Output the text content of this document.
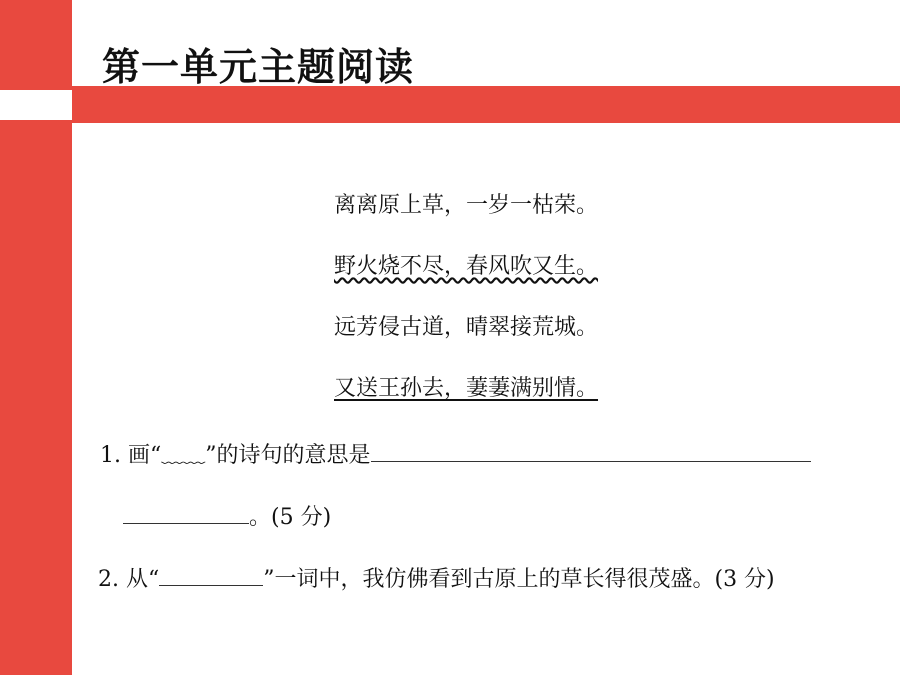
第一单元主题阅读
离离原上草，一岁一枯荣。
野火烧不尽，春风吹又生。
远芳侵古道，晴翠接荒城。
又送王孙去，萋萋满别情。
1. 画“﹏﹏”的诗句的意思是
。(5 分)
2. 从“	”一词中，我仿佛看到古原上的草长得很茂盛。(3 分)
